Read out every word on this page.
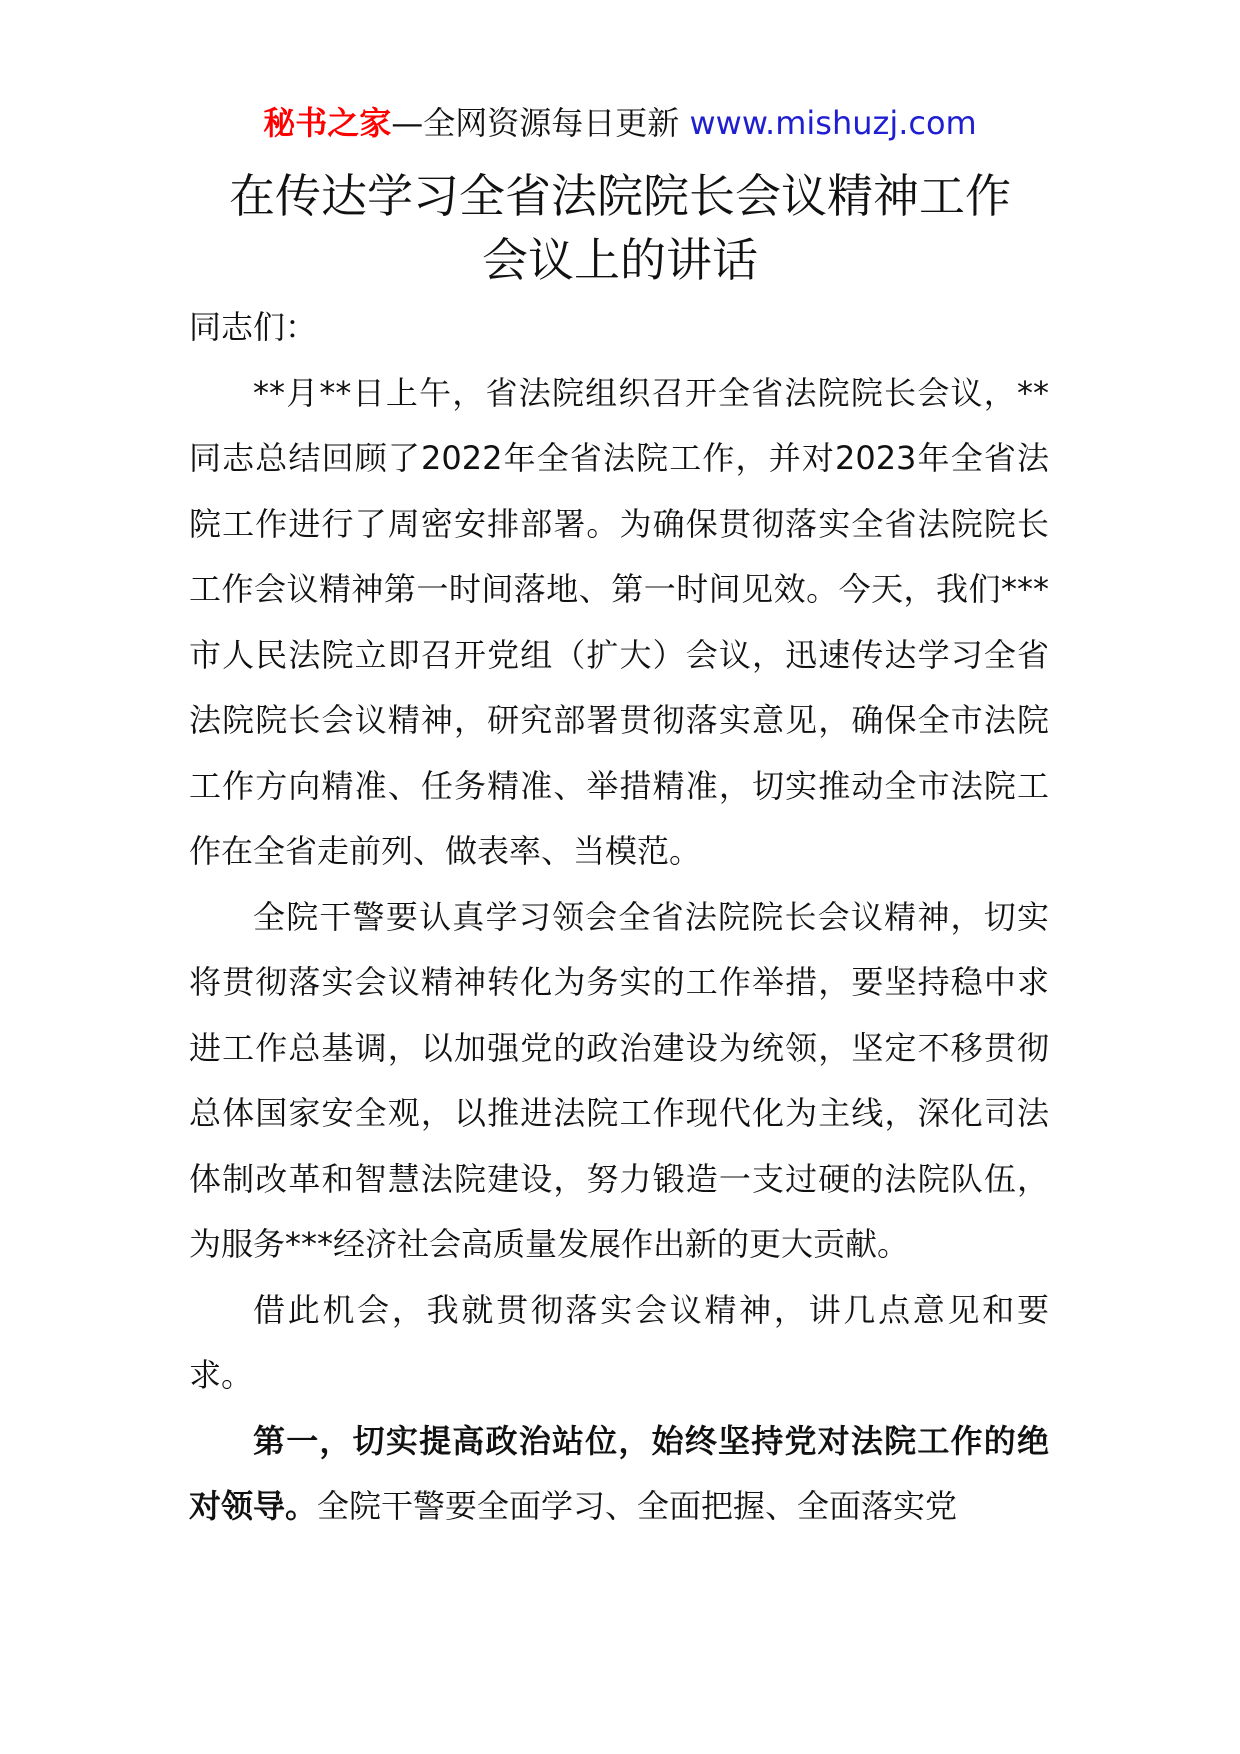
秘书之家—全网资源每日更新 www.mishuzj.com
在传达学习全省法院院长会议精神工作
会议上的讲话

同志们：

**月**日上午，省法院组织召开全省法院院长会议，**同志总结回顾了2022年全省法院工作，并对2023年全省法院工作进行了周密安排部署。为确保贯彻落实全省法院院长工作会议精神第一时间落地、第一时间见效。今天，我们***市人民法院立即召开党组（扩大）会议，迅速传达学习全省法院院长会议精神，研究部署贯彻落实意见，确保全市法院工作方向精准、任务精准、举措精准，切实推动全市法院工作在全省走前列、做表率、当模范。

全院干警要认真学习领会全省法院院长会议精神，切实将贯彻落实会议精神转化为务实的工作举措，要坚持稳中求进工作总基调，以加强党的政治建设为统领，坚定不移贯彻总体国家安全观，以推进法院工作现代化为主线，深化司法体制改革和智慧法院建设，努力锻造一支过硬的法院队伍，为服务***经济社会高质量发展作出新的更大贡献。

借此机会，我就贯彻落实会议精神，讲几点意见和要求。

第一，切实提高政治站位，始终坚持党对法院工作的绝对领导。全院干警要全面学习、全面把握、全面落实党
